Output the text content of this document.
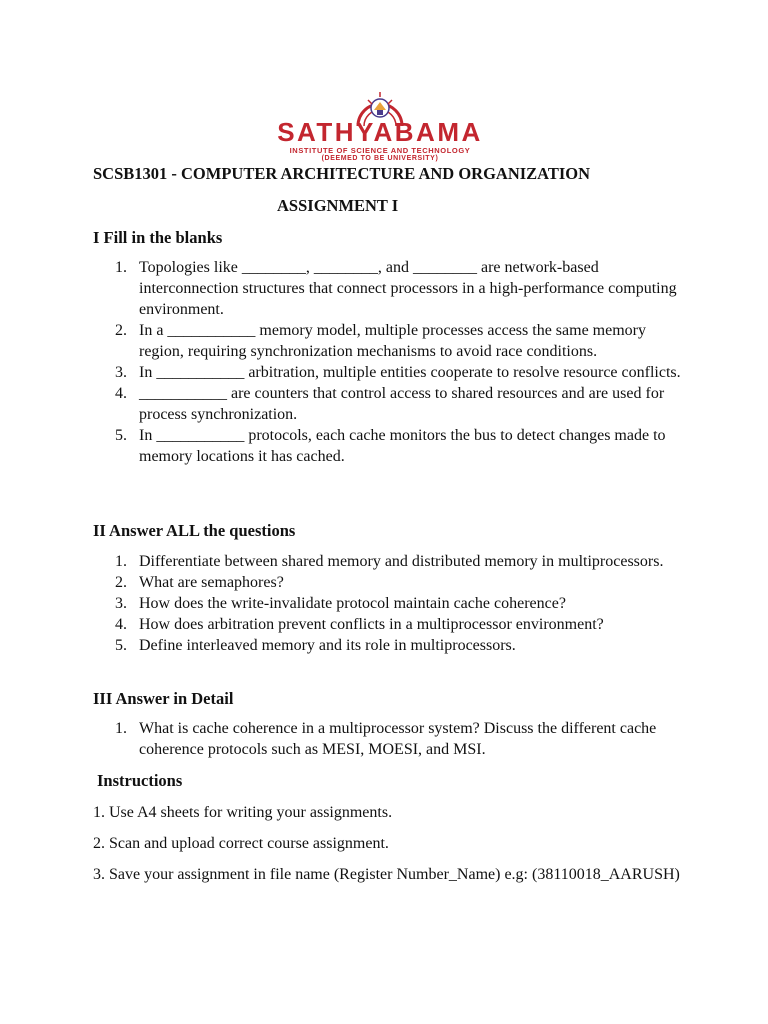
SATHYABAMA
INSTITUTE OF SCIENCE AND TECHNOLOGY
(DEEMED TO BE UNIVERSITY)
SCSB1301 - COMPUTER ARCHITECTURE AND ORGANIZATION
ASSIGNMENT I
I Fill in the blanks
1. Topologies like ________, ________, and ________ are network-based interconnection structures that connect processors in a high-performance computing environment.
2. In a ___________ memory model, multiple processes access the same memory region, requiring synchronization mechanisms to avoid race conditions.
3. In ___________ arbitration, multiple entities cooperate to resolve resource conflicts.
4. ___________ are counters that control access to shared resources and are used for process synchronization.
5. In ___________ protocols, each cache monitors the bus to detect changes made to memory locations it has cached.
II Answer ALL the questions
1. Differentiate between shared memory and distributed memory in multiprocessors.
2. What are semaphores?
3. How does the write-invalidate protocol maintain cache coherence?
4. How does arbitration prevent conflicts in a multiprocessor environment?
5. Define interleaved memory and its role in multiprocessors.
III Answer in Detail
1. What is cache coherence in a multiprocessor system? Discuss the different cache coherence protocols such as MESI, MOESI, and MSI.
Instructions
1. Use A4 sheets for writing your assignments.
2. Scan and upload correct course assignment.
3. Save your assignment in file name (Register Number_Name) e.g: (38110018_AARUSH)
